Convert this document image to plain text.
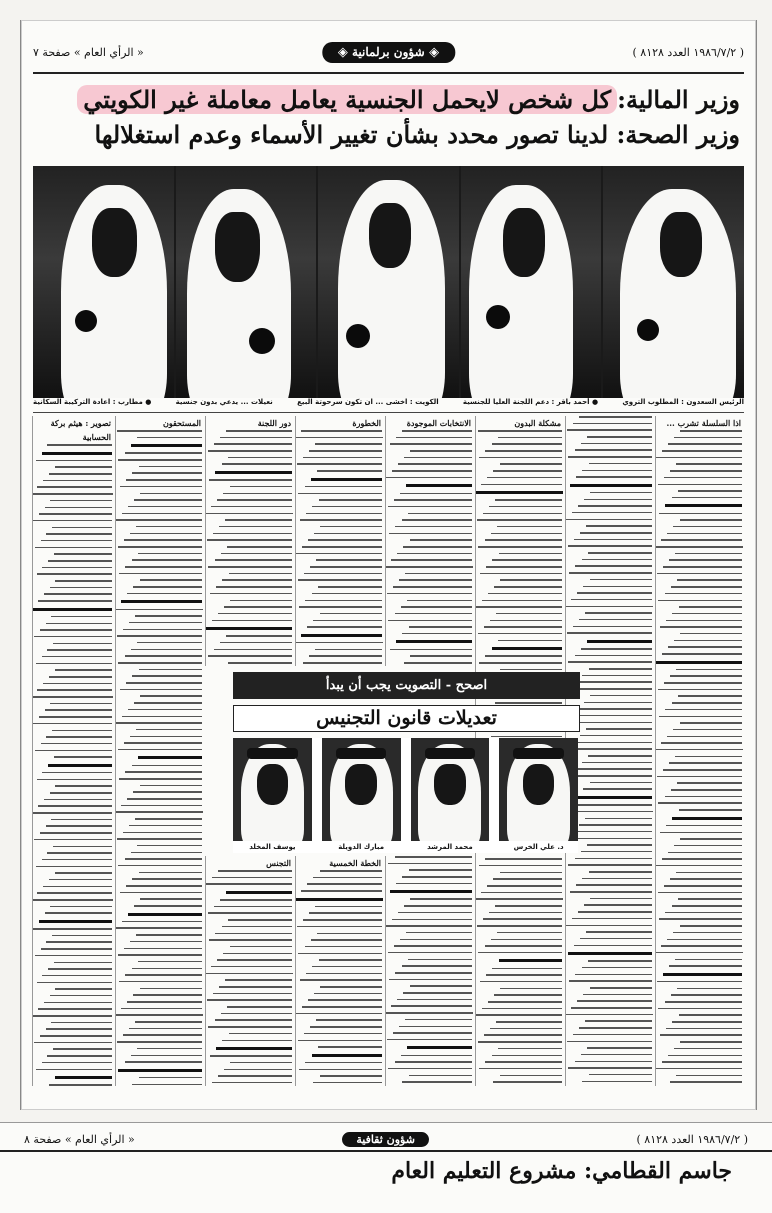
( ١٩٨٦/٧/٢ العدد ٨١٢٨ )
◈ شؤون برلمانية ◈
« الرأي العام » صفحة ٧
وزير المالية:كل شخص لايحمل الجنسية يعامل معاملة غير الكويتي
وزير الصحة: لدينا تصور محدد بشأن تغيير الأسماء وعدم استغلالها
الرئيس السعدون : المطلوب التروي
● أحمد باقر : دعم اللجنة العليا للجنسية
الكويت : اخشى ... ان تكون سرحوتة البيع
نعيلات ... يدعي بدون جنسية
● مطارب : اعادة التركيبة السكانية
اذا السلسلة تشرب ...
مشكلة البدون
الانتخابات الموجودة
الخطورة
دور اللجنة
الخطة الخمسية
التجنس
المستحقون
تصوير : هيثم بركة
الحسابية
اصحح - التصويت يجب أن يبدأ
تعديلات قانون التجنيس
د. علي الخرس
محمد المرشد
مبارك الدويلة
يوسف المخلد
( ١٩٨٦/٧/٢ العدد ٨١٢٨ )
شؤون ثقافية
« الرأي العام » صفحة ٨
جاسم القطامي: مشروع التعليم العام
